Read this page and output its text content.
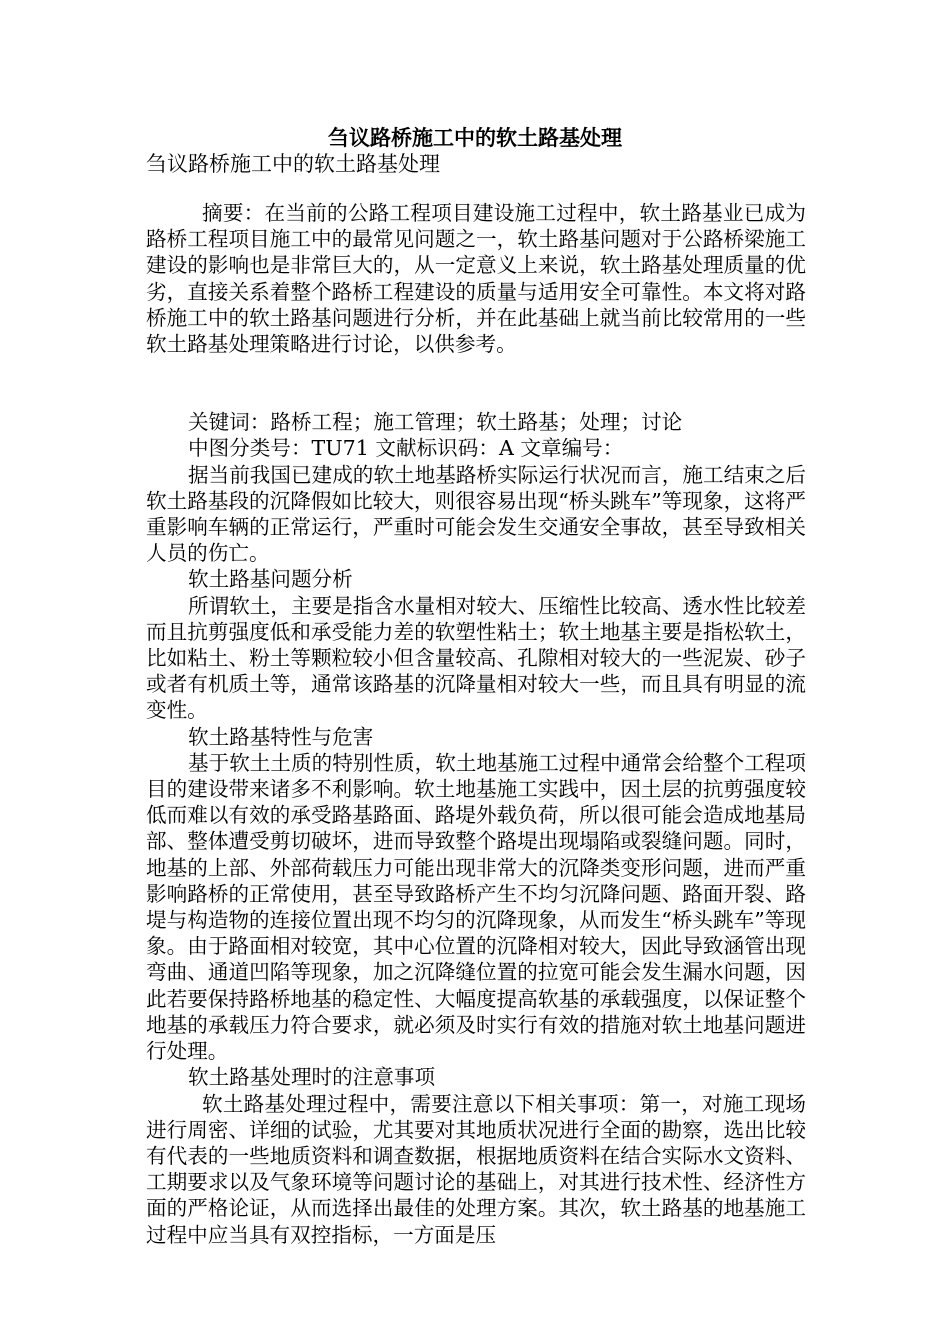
刍议路桥施工中的软土路基处理
刍议路桥施工中的软土路基处理

摘要：在当前的公路工程项目建设施工过程中，软土路基业已成为路桥工程项目施工中的最常见问题之一，软土路基问题对于公路桥梁施工建设的影响也是非常巨大的，从一定意义上来说，软土路基处理质量的优劣，直接关系着整个路桥工程建设的质量与适用安全可靠性。本文将对路桥施工中的软土路基问题进行分析，并在此基础上就当前比较常用的一些软土路基处理策略进行讨论，以供参考。

关键词：路桥工程；施工管理；软土路基；处理；讨论

中图分类号：TU71 文献标识码：A 文章编号：

据当前我国已建成的软土地基路桥实际运行状况而言，施工结束之后软土路基段的沉降假如比较大，则很容易出现“桥头跳车”等现象，这将严重影响车辆的正常运行，严重时可能会发生交通安全事故，甚至导致相关人员的伤亡。

软土路基问题分析

所谓软土，主要是指含水量相对较大、压缩性比较高、透水性比较差而且抗剪强度低和承受能力差的软塑性粘土；软土地基主要是指松软土，比如粘土、粉土等颗粒较小但含量较高、孔隙相对较大的一些泥炭、砂子或者有机质土等，通常该路基的沉降量相对较大一些，而且具有明显的流变性。

软土路基特性与危害

基于软土土质的特别性质，软土地基施工过程中通常会给整个工程项目的建设带来诸多不利影响。软土地基施工实践中，因土层的抗剪强度较低而难以有效的承受路基路面、路堤外载负荷，所以很可能会造成地基局部、整体遭受剪切破坏，进而导致整个路堤出现塌陷或裂缝问题。同时，地基的上部、外部荷载压力可能出现非常大的沉降类变形问题，进而严重影响路桥的正常使用，甚至导致路桥产生不均匀沉降问题、路面开裂、路堤与构造物的连接位置出现不均匀的沉降现象，从而发生“桥头跳车”等现象。由于路面相对较宽，其中心位置的沉降相对较大，因此导致涵管出现弯曲、通道凹陷等现象，加之沉降缝位置的拉宽可能会发生漏水问题，因此若要保持路桥地基的稳定性、大幅度提高软基的承载强度，以保证整个地基的承载压力符合要求，就必须及时实行有效的措施对软土地基问题进行处理。

软土路基处理时的注意事项

软土路基处理过程中，需要注意以下相关事项：第一，对施工现场进行周密、详细的试验，尤其要对其地质状况进行全面的勘察，选出比较有代表的一些地质资料和调查数据，根据地质资料在结合实际水文资料、工期要求以及气象环境等问题讨论的基础上，对其进行技术性、经济性方面的严格论证，从而选择出最佳的处理方案。其次，软土路基的地基施工过程中应当具有双控指标，一方面是压
